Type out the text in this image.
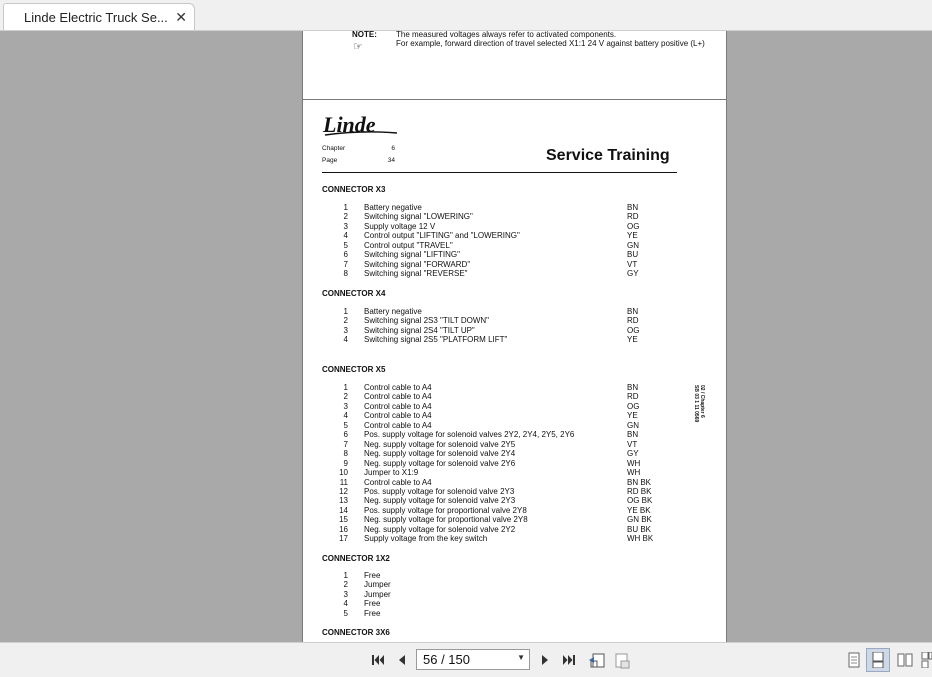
Linde Electric Truck Se... ✕
NOTE:
☞
The measured voltages always refer to activated components.
For example, forward direction of travel selected X1:1 24 V against battery positive (L+)
Linde
Chapter	6
Page	34	Service Training
02 / Chapter 6
SB 03 1 11 0569
CONNECTOR X3
1 Battery negative	BN
2 Switching signal "LOWERING"	RD
3 Supply voltage 12 V	OG
4 Control output "LIFTING" and "LOWERING"	YE
5 Control output "TRAVEL"	GN
6 Switching signal "LIFTING"	BU
7 Switching signal "FORWARD"	VT
8 Switching signal "REVERSE"	GY
CONNECTOR X4
1 Battery negative	BN
2 Switching signal 2S3 "TILT DOWN"	RD
3 Switching signal 2S4 "TILT UP"	OG
4 Switching signal 2S5 "PLATFORM LIFT"	YE
CONNECTOR X5
1 Control cable to A4	BN
2 Control cable to A4	RD
3 Control cable to A4	OG
4 Control cable to A4	YE
5 Control cable to A4	GN
6 Pos. supply voltage for solenoid valves 2Y2, 2Y4, 2Y5, 2Y6	BN
7 Neg. supply voltage for solenoid valve 2Y5	VT
8 Neg. supply voltage for solenoid valve 2Y4	GY
9 Neg. supply voltage for solenoid valve 2Y6	WH
10 Jumper to X1:9	WH
11 Control cable to A4	BN BK
12 Pos. supply voltage for solenoid valve 2Y3	RD BK
13 Neg. supply voltage for solenoid valve 2Y3	OG BK
14 Pos. supply voltage for proportional valve 2Y8	YE BK
15 Neg. supply voltage for proportional valve 2Y8	GN BK
16 Neg. supply voltage for solenoid valve 2Y2	BU BK
17 Supply voltage from the key switch	WH BK
CONNECTOR 1X2
1 Free
2 Jumper
3 Jumper
4 Free
5 Free
CONNECTOR 3X6
56 / 150	▼
